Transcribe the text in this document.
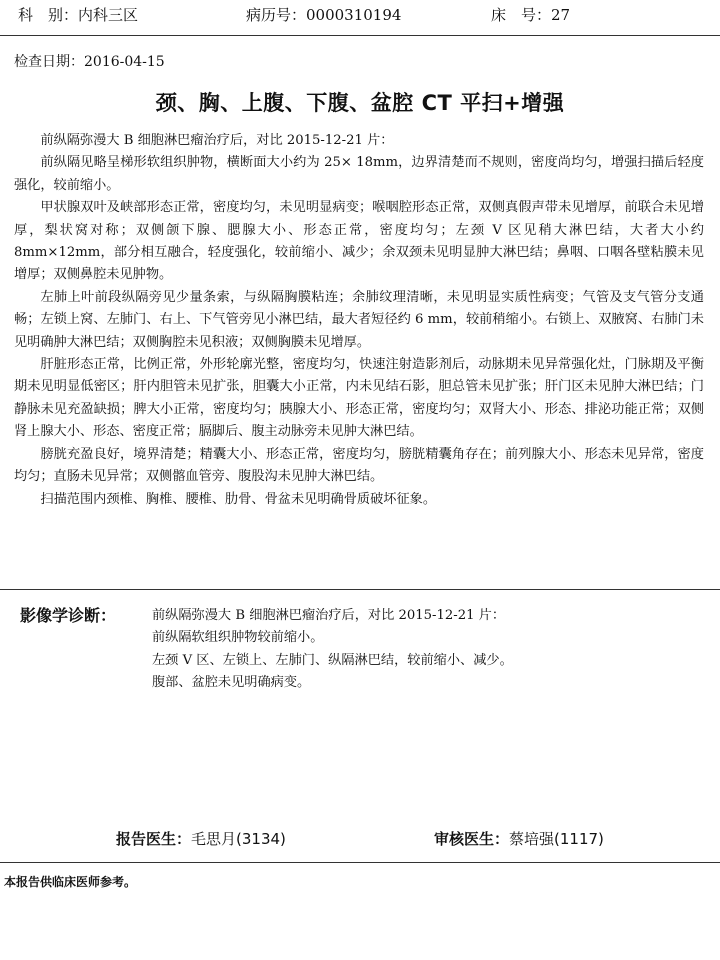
科　别：内科三区	病历号：0000310194	床　号：27
检查日期：2016-04-15
颈、胸、上腹、下腹、盆腔 CT 平扫+增强

前纵隔弥漫大 B 细胞淋巴瘤治疗后，对比 2015-12-21 片：

前纵隔见略呈梯形软组织肿物，横断面大小约为 25× 18mm，边界清楚而不规则，密度尚均匀，增强扫描后轻度强化，较前缩小。

甲状腺双叶及峡部形态正常，密度均匀，未见明显病变；喉咽腔形态正常，双侧真假声带未见增厚，前联合未见增厚，梨状窝对称；双侧颌下腺、腮腺大小、形态正常，密度均匀；左颈 V 区见稍大淋巴结，大者大小约 8mm×12mm，部分相互融合，轻度强化，较前缩小、减少；余双颈未见明显肿大淋巴结；鼻咽、口咽各壁粘膜未见增厚；双侧鼻腔未见肿物。

左肺上叶前段纵隔旁见少量条索，与纵隔胸膜粘连；余肺纹理清晰，未见明显实质性病变；气管及支气管分支通畅；左锁上窝、左肺门、右上、下气管旁见小淋巴结，最大者短径约 6 mm，较前稍缩小。右锁上、双腋窝、右肺门未见明确肿大淋巴结；双侧胸腔未见积液；双侧胸膜未见增厚。

肝脏形态正常，比例正常，外形轮廓光整，密度均匀，快速注射造影剂后，动脉期未见异常强化灶，门脉期及平衡期未见明显低密区；肝内胆管未见扩张，胆囊大小正常，内未见结石影，胆总管未见扩张；肝门区未见肿大淋巴结；门静脉未见充盈缺损；脾大小正常，密度均匀；胰腺大小、形态正常，密度均匀；双肾大小、形态、排泌功能正常；双侧肾上腺大小、形态、密度正常；膈脚后、腹主动脉旁未见肿大淋巴结。

膀胱充盈良好，境界清楚；精囊大小、形态正常，密度均匀，膀胱精囊角存在；前列腺大小、形态未见异常，密度均匀；直肠未见异常；双侧髂血管旁、腹股沟未见肿大淋巴结。

扫描范围内颈椎、胸椎、腰椎、肋骨、骨盆未见明确骨质破坏征象。

影像学诊断：	前纵隔弥漫大 B 细胞淋巴瘤治疗后，对比 2015-12-21 片：
前纵隔软组织肿物较前缩小。
左颈 V 区、左锁上、左肺门、纵隔淋巴结，较前缩小、减少。
腹部、盆腔未见明确病变。
报告医生：毛思月(3134)	审核医生：蔡培强(1117)
本报告供临床医师参考。
